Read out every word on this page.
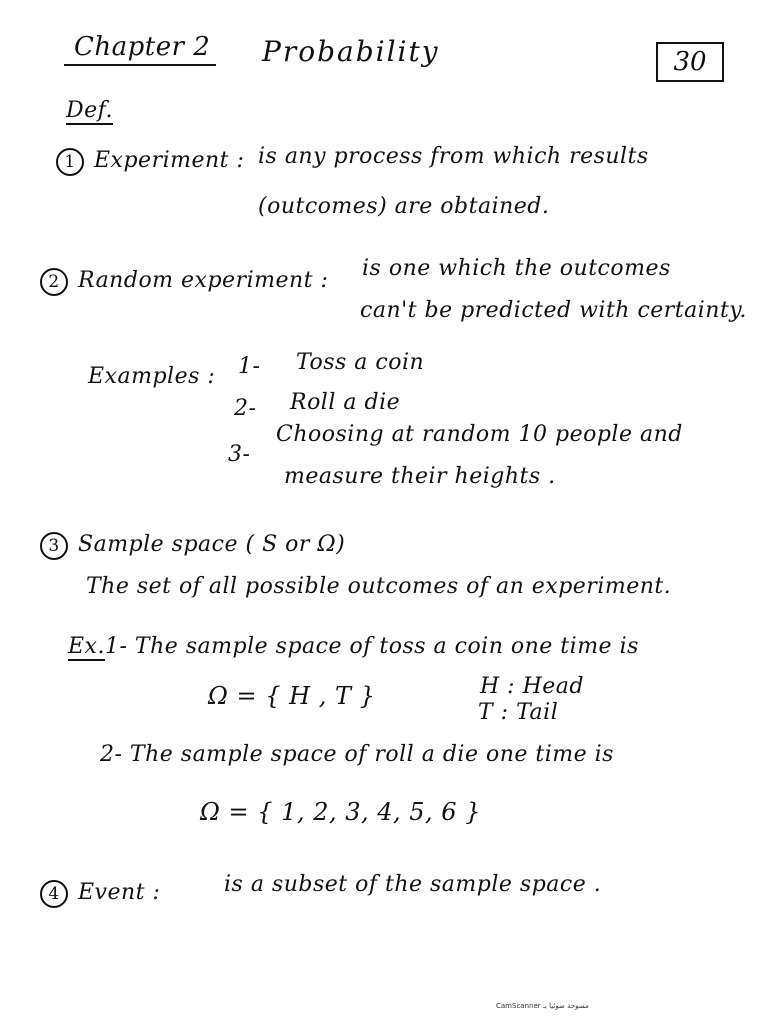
Chapter 2 Probability	30
Def.
1 Experiment : is any process from which results
(outcomes) are obtained.
2 Random experiment : is one which the outcomes
can't be predicted with certainty.
Examples : 1- Toss a coin
2- Roll a die
3-
Choosing at random 10 people and
measure their heights .
3 Sample space ( S or Ω)
The set of all possible outcomes of an experiment.
Ex.1- The sample space of toss a coin one time is
Ω = { H , T }	H : Head
T : Tail
2- The sample space of roll a die one time is
Ω = { 1, 2, 3, 4, 5, 6 }
4 Event :	is a subset of the sample space .
CamScanner مسوحة ضوئيا بـ
